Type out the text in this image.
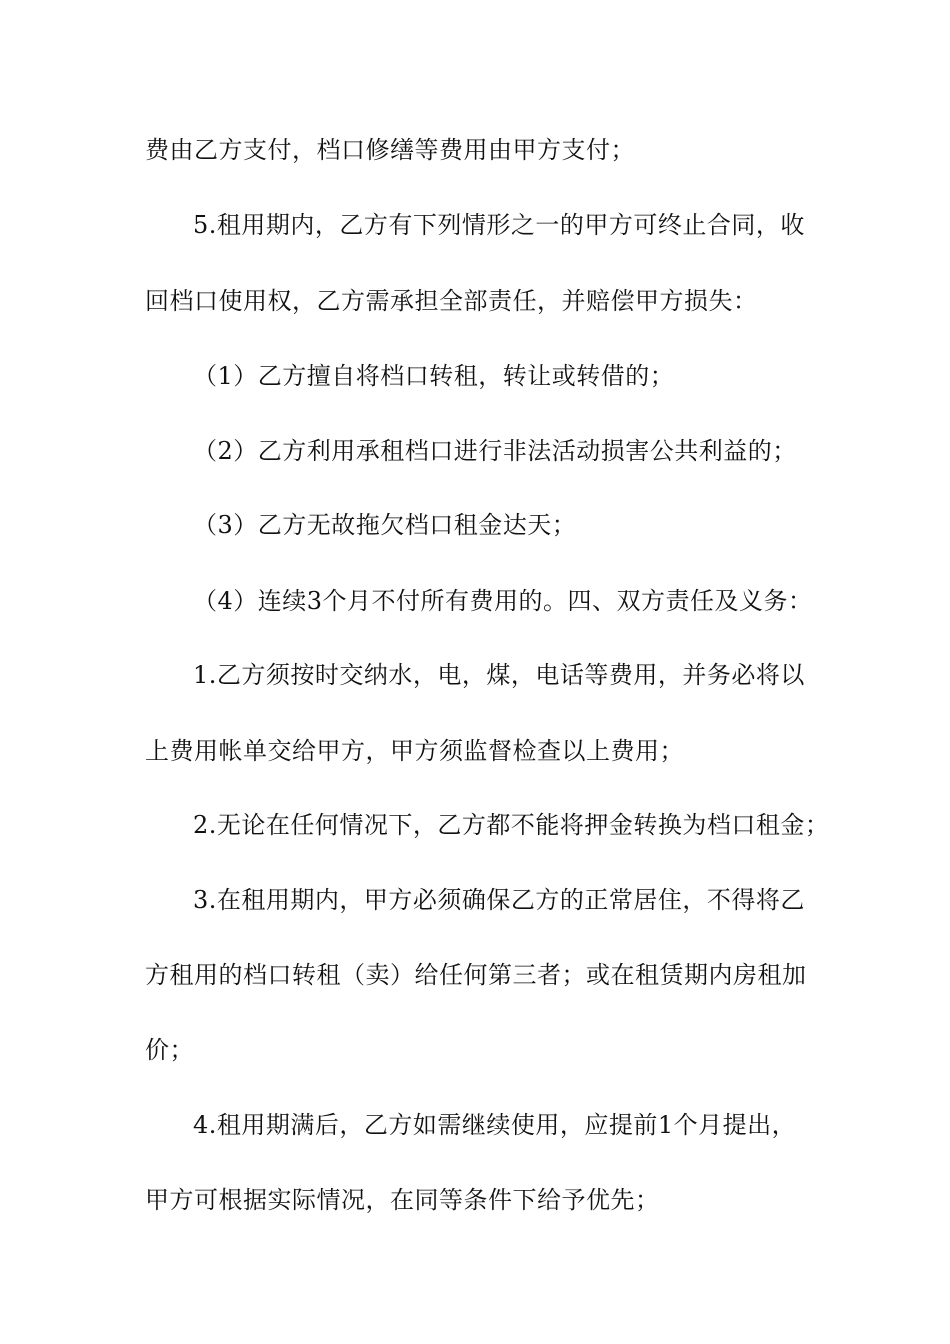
费由乙方支付，档口修缮等费用由甲方支付；
5.租用期内，乙方有下列情形之一的甲方可终止合同，收
回档口使用权，乙方需承担全部责任，并赔偿甲方损失：
（1）乙方擅自将档口转租，转让或转借的；
（2）乙方利用承租档口进行非法活动损害公共利益的；
（3）乙方无故拖欠档口租金达天；
（4）连续3个月不付所有费用的。四、双方责任及义务：
1.乙方须按时交纳水，电，煤，电话等费用，并务必将以
上费用帐单交给甲方，甲方须监督检查以上费用；
2.无论在任何情况下，乙方都不能将押金转换为档口租金；
3.在租用期内，甲方必须确保乙方的正常居住，不得将乙
方租用的档口转租（卖）给任何第三者；或在租赁期内房租加
价；
4.租用期满后，乙方如需继续使用，应提前1个月提出，
甲方可根据实际情况，在同等条件下给予优先；
